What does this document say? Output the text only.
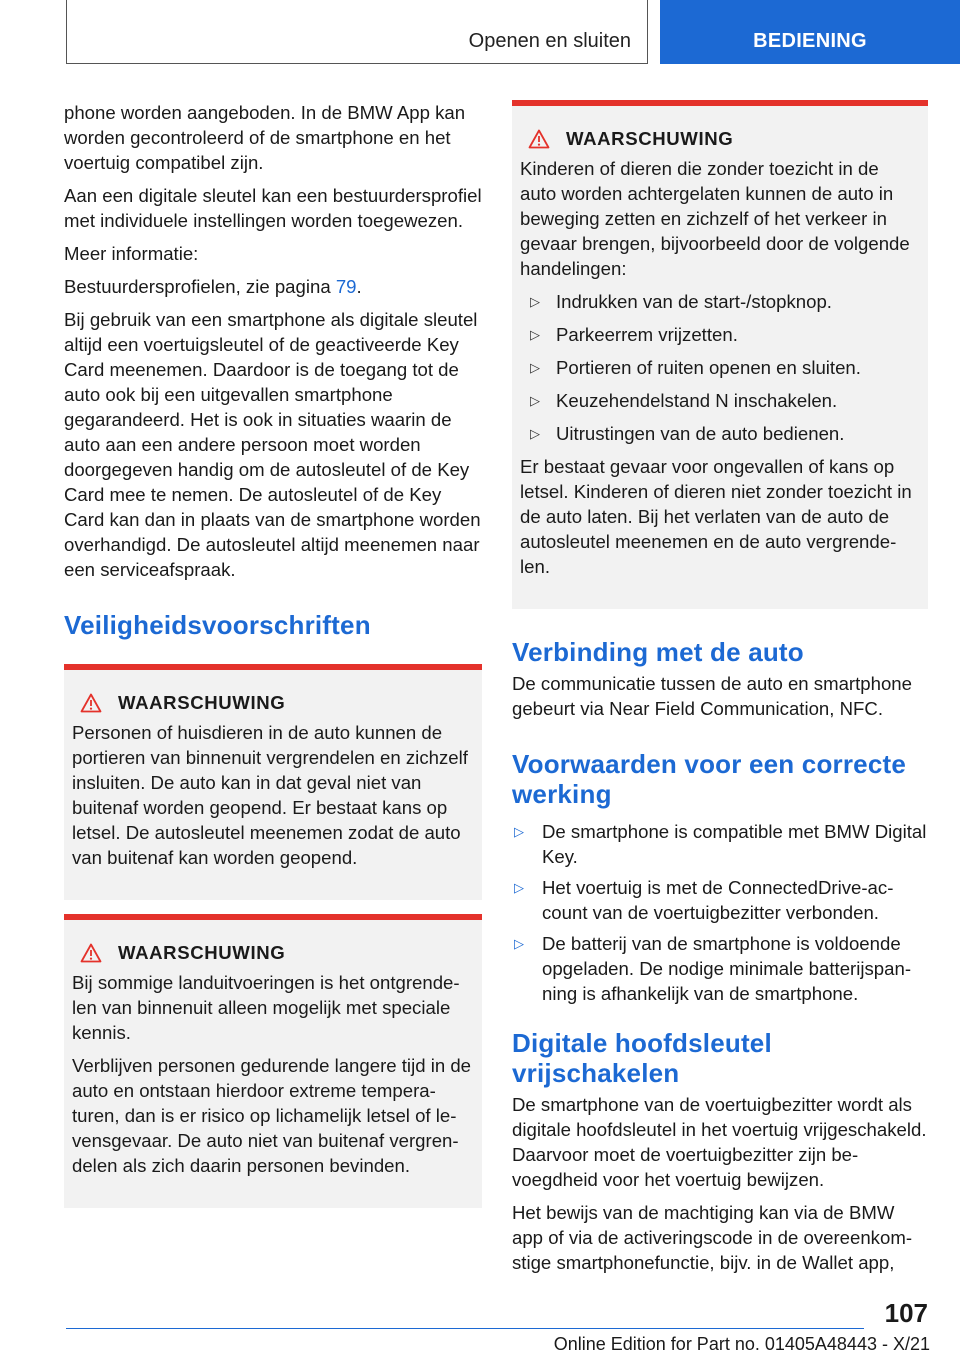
Openen en sluiten	BEDIENING

phone worden aangeboden. In de BMW App kan worden gecontroleerd of de smartphone en het voertuig compatibel zijn.

Aan een digitale sleutel kan een bestuurdersprofiel met individuele instellingen worden toegewezen.

Meer informatie:

Bestuurdersprofielen, zie pagina 79.

Bij gebruik van een smartphone als digitale sleutel altijd een voertuigsleutel of de geactiveerde Key Card meenemen. Daardoor is de toegang tot de auto ook bij een uitgevallen smartphone gegarandeerd. Het is ook in situaties waarin de auto aan een andere persoon moet worden doorgegeven handig om de autosleutel of de Key Card mee te nemen. De autosleutel of de Key Card kan dan in plaats van de smartphone worden overhandigd. De autosleutel altijd meenemen naar een serviceafspraak.

Veiligheidsvoorschriften
WAARSCHUWING

Personen of huisdieren in de auto kunnen de portieren van binnenuit vergrendelen en zichzelf insluiten. De auto kan in dat geval niet van buitenaf worden geopend. Er bestaat kans op letsel. De autosleutel meenemen zodat de auto van buitenaf kan worden geopend.

WAARSCHUWING

Bij sommige landuitvoeringen is het ontgrendelen van binnenuit alleen mogelijk met speciale kennis.

Verblijven personen gedurende langere tijd in de auto en ontstaan hierdoor extreme temperaturen, dan is er risico op lichamelijk letsel of levensgevaar. De auto niet van buitenaf vergrendelen als zich daarin personen bevinden.

WAARSCHUWING

Kinderen of dieren die zonder toezicht in de auto worden achtergelaten kunnen de auto in beweging zetten en zichzelf of het verkeer in gevaar brengen, bijvoorbeeld door de volgende handelingen:

▷ Indrukken van de start-/stopknop.
▷ Parkeerrem vrijzetten.
▷ Portieren of ruiten openen en sluiten.
▷ Keuzehendelstand N inschakelen.
▷ Uitrustingen van de auto bedienen.

Er bestaat gevaar voor ongevallen of kans op letsel. Kinderen of dieren niet zonder toezicht in de auto laten. Bij het verlaten van de auto de autosleutel meenemen en de auto vergrendelen.

Verbinding met de auto

De communicatie tussen de auto en smartphone gebeurt via Near Field Communication, NFC.

Voorwaarden voor een correcte werking
▷ De smartphone is compatible met BMW Digital Key.
▷ Het voertuig is met de ConnectedDrive-account van de voertuigbezitter verbonden.
▷ De batterij van de smartphone is voldoende opgeladen. De nodige minimale batterijspanning is afhankelijk van de smartphone.
Digitale hoofdsleutel vrijschakelen

De smartphone van de voertuigbezitter wordt als digitale hoofdsleutel in het voertuig vrijgeschakeld. Daarvoor moet de voertuigbezitter zijn bevoegdheid voor het voertuig bewijzen.

Het bewijs van de machtiging kan via de BMW app of via de activeringscode in de overeenkomstige smartphonefunctie, bijv. in de Wallet app,

107
Online Edition for Part no. 01405A48443 - X/21
